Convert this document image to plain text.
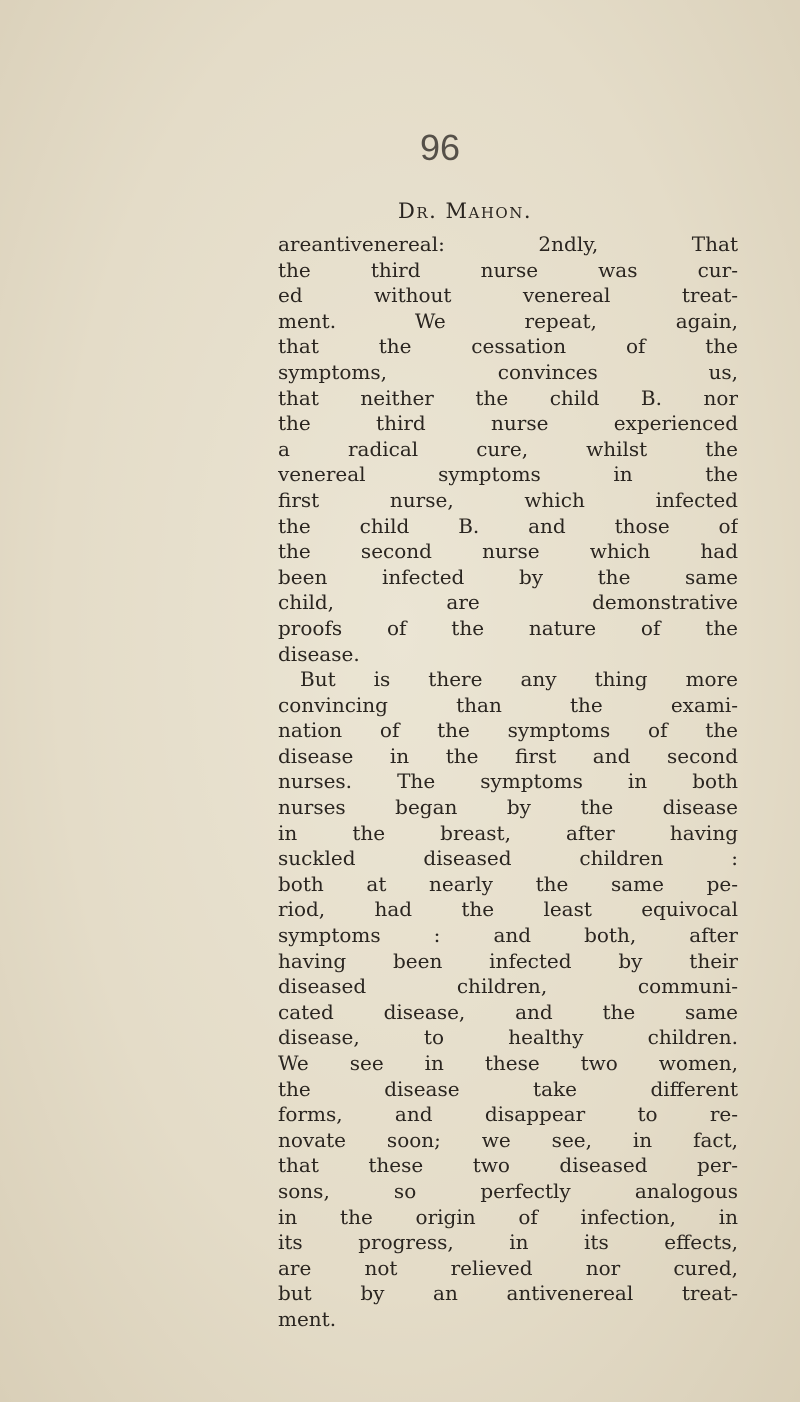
96
Dr. Mahon.
areantivenereal: 2ndly, That
the third nurse was cur-
ed without venereal treat-
ment. We repeat, again,
that the cessation of the
symptoms, convinces us,
that neither the child B. nor
the third nurse experienced
a radical cure, whilst the
venereal symptoms in the
first nurse, which infected
the child B. and those of
the second nurse which had
been infected by the same
child, are demonstrative
proofs of the nature of the
disease.
But is there any thing more
convincing than the exami-
nation of the symptoms of the
disease in the first and second
nurses. The symptoms in both
nurses began by the disease
in the breast, after having
suckled diseased children :
both at nearly the same pe-
riod, had the least equivocal
symptoms : and both, after
having been infected by their
diseased children, communi-
cated disease, and the same
disease, to healthy children.
We see in these two women,
the disease take different
forms, and disappear to re-
novate soon; we see, in fact,
that these two diseased per-
sons, so perfectly analogous
in the origin of infection, in
its progress, in its effects,
are not relieved nor cured,
but by an antivenereal treat-
ment.
